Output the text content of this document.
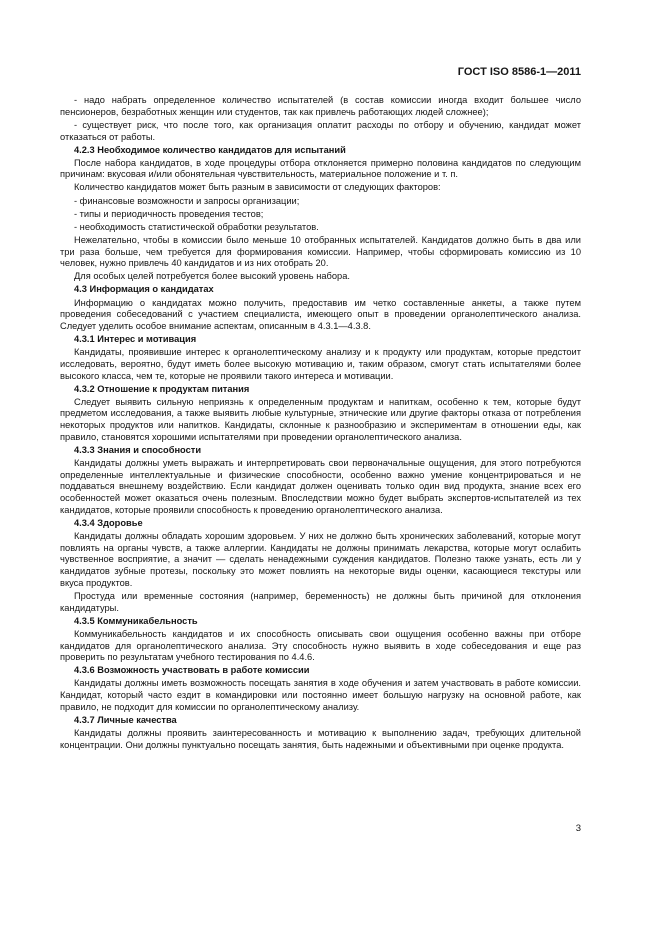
ГОСТ ISO 8586-1—2011

- надо набрать определенное количество испытателей (в состав комиссии иногда входит большее число пенсионеров, безработных женщин или студентов, так как привлечь работающих людей сложнее);

- существует риск, что после того, как организация оплатит расходы по отбору и обучению, кандидат может отказаться от работы.

4.2.3 Необходимое количество кандидатов для испытаний

После набора кандидатов, в ходе процедуры отбора отклоняется примерно половина кандидатов по следующим причинам: вкусовая и/или обонятельная чувствительность, материальное положение и т. п.

Количество кандидатов может быть разным в зависимости от следующих факторов:

- финансовые возможности и запросы организации;

- типы и периодичность проведения тестов;

- необходимость статистической обработки результатов.

Нежелательно, чтобы в комиссии было меньше 10 отобранных испытателей. Кандидатов должно быть в два или три раза больше, чем требуется для формирования комиссии. Например, чтобы сформировать комиссию из 10 человек, нужно привлечь 40 кандидатов и из них отобрать 20.

Для особых целей потребуется более высокий уровень набора.

4.3 Информация о кандидатах

Информацию о кандидатах можно получить, предоставив им четко составленные анкеты, а также путем проведения собеседований с участием специалиста, имеющего опыт в проведении органолептического анализа. Следует уделить особое внимание аспектам, описанным в 4.3.1—4.3.8.

4.3.1 Интерес и мотивация

Кандидаты, проявившие интерес к органолептическому анализу и к продукту или продуктам, которые предстоит исследовать, вероятно, будут иметь более высокую мотивацию и, таким образом, смогут стать испытателями более высокого класса, чем те, которые не проявили такого интереса и мотивации.

4.3.2 Отношение к продуктам питания

Следует выявить сильную неприязнь к определенным продуктам и напиткам, особенно к тем, которые будут предметом исследования, а также выявить любые культурные, этнические или другие факторы отказа от потребления некоторых продуктов или напитков. Кандидаты, склонные к разнообразию и экспериментам в отношении еды, как правило, становятся хорошими испытателями при проведении органолептического анализа.

4.3.3 Знания и способности

Кандидаты должны уметь выражать и интерпретировать свои первоначальные ощущения, для этого потребуются определенные интеллектуальные и физические способности, особенно важно умение концентрироваться и не поддаваться внешнему воздействию. Если кандидат должен оценивать только один вид продукта, знание всех его особенностей может оказаться очень полезным. Впоследствии можно будет выбрать экспертов-испытателей из тех кандидатов, которые проявили способность к проведению органолептического анализа.

4.3.4 Здоровье

Кандидаты должны обладать хорошим здоровьем. У них не должно быть хронических заболеваний, которые могут повлиять на органы чувств, а также аллергии. Кандидаты не должны принимать лекарства, которые могут ослабить чувственное восприятие, а значит — сделать ненадежными суждения кандидатов. Полезно также узнать, есть ли у кандидатов зубные протезы, поскольку это может повлиять на некоторые виды оценки, касающиеся текстуры или вкуса продуктов.

Простуда или временные состояния (например, беременность) не должны быть причиной для отклонения кандидатуры.

4.3.5 Коммуникабельность

Коммуникабельность кандидатов и их способность описывать свои ощущения особенно важны при отборе кандидатов для органолептического анализа. Эту способность нужно выявить в ходе собеседования и еще раз проверить по результатам учебного тестирования по 4.4.6.

4.3.6 Возможность участвовать в работе комиссии

Кандидаты должны иметь возможность посещать занятия в ходе обучения и затем участвовать в работе комиссии. Кандидат, который часто ездит в командировки или постоянно имеет большую нагрузку на основной работе, как правило, не подходит для комиссии по органолептическому анализу.

4.3.7 Личные качества

Кандидаты должны проявить заинтересованность и мотивацию к выполнению задач, требующих длительной концентрации. Они должны пунктуально посещать занятия, быть надежными и объективными при оценке продукта.

3
